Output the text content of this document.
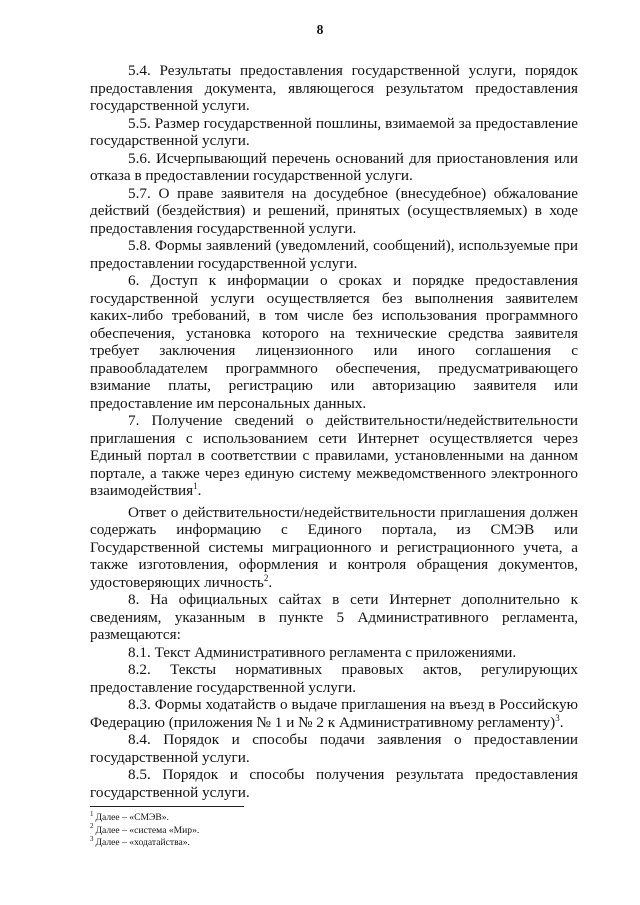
8

5.4. Результаты предоставления государственной услуги, порядок предоставления документа, являющегося результатом предоставления государственной услуги.

5.5. Размер государственной пошлины, взимаемой за предоставление государственной услуги.

5.6. Исчерпывающий перечень оснований для приостановления или отказа в предоставлении государственной услуги.

5.7. О праве заявителя на досудебное (внесудебное) обжалование действий (бездействия) и решений, принятых (осуществляемых) в ходе предоставления государственной услуги.

5.8. Формы заявлений (уведомлений, сообщений), используемые при предоставлении государственной услуги.

6. Доступ к информации о сроках и порядке предоставления государственной услуги осуществляется без выполнения заявителем каких-либо требований, в том числе без использования программного обеспечения, установка которого на технические средства заявителя требует заключения лицензионного или иного соглашения с правообладателем программного обеспечения, предусматривающего взимание платы, регистрацию или авторизацию заявителя или предоставление им персональных данных.

7. Получение сведений о действительности/недействительности приглашения с использованием сети Интернет осуществляется через Единый портал в соответствии с правилами, установленными на данном портале, а также через единую систему межведомственного электронного взаимодействия$^1$.

Ответ о действительности/недействительности приглашения должен содержать информацию с Единого портала, из СМЭВ или Государственной системы миграционного и регистрационного учета, а также изготовления, оформления и контроля обращения документов, удостоверяющих личность$^2$.

8. На официальных сайтах в сети Интернет дополнительно к сведениям, указанным в пункте 5 Административного регламента, размещаются:

8.1. Текст Административного регламента с приложениями.

8.2. Тексты нормативных правовых актов, регулирующих предоставление государственной услуги.

8.3. Формы ходатайств о выдаче приглашения на въезд в Российскую Федерацию (приложения № 1 и № 2 к Административному регламенту)$^3$.

8.4. Порядок и способы подачи заявления о предоставлении государственной услуги.

8.5. Порядок и способы получения результата предоставления государственной услуги.

$^1$ Далее – «СМЭВ».

$^2$ Далее – «система «Мир».

$^3$ Далее – «ходатайства».
